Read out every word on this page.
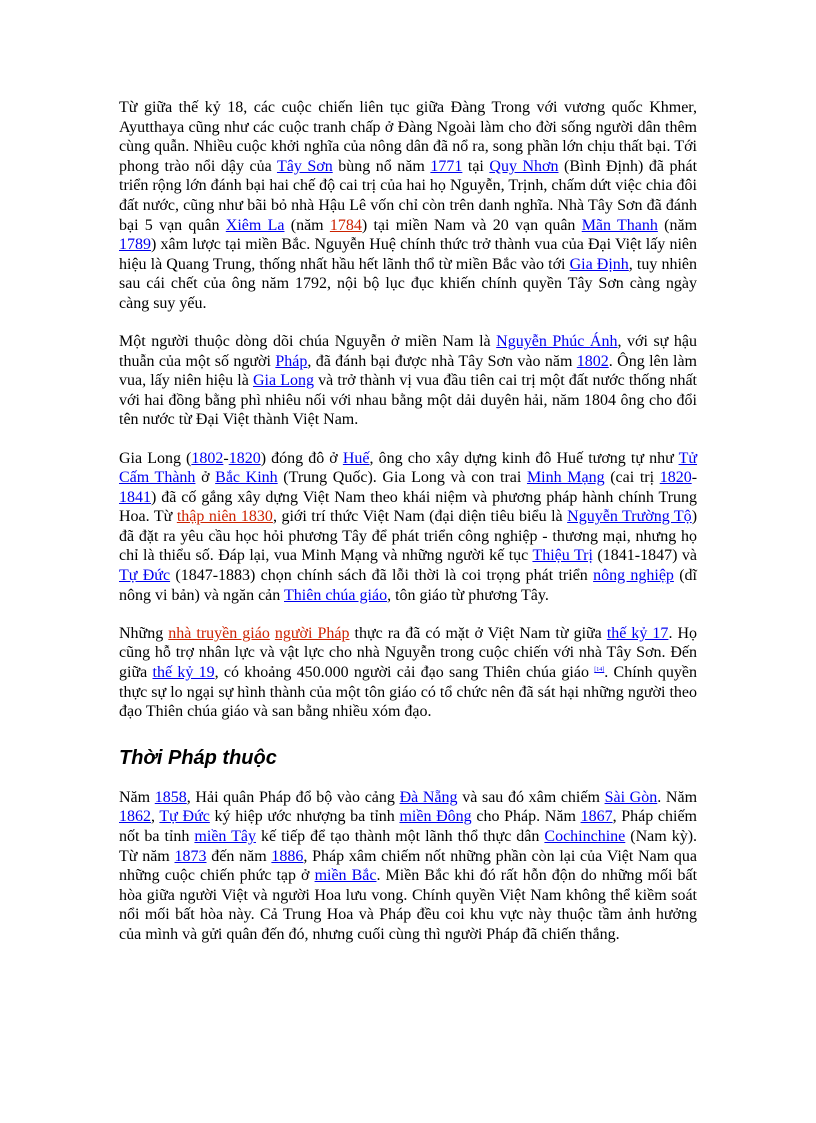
Từ giữa thế kỷ 18, các cuộc chiến liên tục giữa Đàng Trong với vương quốc Khmer, Ayutthaya cũng như các cuộc tranh chấp ở Đàng Ngoài làm cho đời sống người dân thêm cùng quẫn. Nhiều cuộc khởi nghĩa của nông dân đã nổ ra, song phần lớn chịu thất bại. Tới phong trào nổi dậy của Tây Sơn bùng nổ năm 1771 tại Quy Nhơn (Bình Định) đã phát triển rộng lớn đánh bại hai chế độ cai trị của hai họ Nguyễn, Trịnh, chấm dứt việc chia đôi đất nước, cũng như bãi bỏ nhà Hậu Lê vốn chỉ còn trên danh nghĩa. Nhà Tây Sơn đã đánh bại 5 vạn quân Xiêm La (năm 1784) tại miền Nam và 20 vạn quân Mãn Thanh (năm 1789) xâm lược tại miền Bắc. Nguyễn Huệ chính thức trở thành vua của Đại Việt lấy niên hiệu là Quang Trung, thống nhất hầu hết lãnh thổ từ miền Bắc vào tới Gia Định, tuy nhiên sau cái chết của ông năm 1792, nội bộ lục đục khiến chính quyền Tây Sơn càng ngày càng suy yếu.

Một người thuộc dòng dõi chúa Nguyễn ở miền Nam là Nguyễn Phúc Ánh, với sự hậu thuẫn của một số người Pháp, đã đánh bại được nhà Tây Sơn vào năm 1802. Ông lên làm vua, lấy niên hiệu là Gia Long và trở thành vị vua đầu tiên cai trị một đất nước thống nhất với hai đồng bằng phì nhiêu nối với nhau bằng một dải duyên hải, năm 1804 ông cho đổi tên nước từ Đại Việt thành Việt Nam.

Gia Long (1802-1820) đóng đô ở Huế, ông cho xây dựng kinh đô Huế tương tự như Tử Cấm Thành ở Bắc Kinh (Trung Quốc). Gia Long và con trai Minh Mạng (cai trị 1820-1841) đã cố gắng xây dựng Việt Nam theo khái niệm và phương pháp hành chính Trung Hoa. Từ thập niên 1830, giới trí thức Việt Nam (đại diện tiêu biểu là Nguyễn Trường Tộ) đã đặt ra yêu cầu học hỏi phương Tây để phát triển công nghiệp - thương mại, nhưng họ chỉ là thiểu số. Đáp lại, vua Minh Mạng và những người kế tục Thiệu Trị (1841-1847) và Tự Đức (1847-1883) chọn chính sách đã lỗi thời là coi trọng phát triển nông nghiệp (dĩ nông vi bản) và ngăn cản Thiên chúa giáo, tôn giáo từ phương Tây.

Những nhà truyền giáo người Pháp thực ra đã có mặt ở Việt Nam từ giữa thế kỷ 17. Họ cũng hỗ trợ nhân lực và vật lực cho nhà Nguyễn trong cuộc chiến với nhà Tây Sơn. Đến giữa thế kỷ 19, có khoảng 450.000 người cải đạo sang Thiên chúa giáo [14]. Chính quyền thực sự lo ngại sự hình thành của một tôn giáo có tổ chức nên đã sát hại những người theo đạo Thiên chúa giáo và san bằng nhiều xóm đạo.

Thời Pháp thuộc

Năm 1858, Hải quân Pháp đổ bộ vào cảng Đà Nẵng và sau đó xâm chiếm Sài Gòn. Năm 1862, Tự Đức ký hiệp ước nhượng ba tỉnh miền Đông cho Pháp. Năm 1867, Pháp chiếm nốt ba tỉnh miền Tây kế tiếp để tạo thành một lãnh thổ thực dân Cochinchine (Nam kỳ). Từ năm 1873 đến năm 1886, Pháp xâm chiếm nốt những phần còn lại của Việt Nam qua những cuộc chiến phức tạp ở miền Bắc. Miền Bắc khi đó rất hỗn độn do những mối bất hòa giữa người Việt và người Hoa lưu vong. Chính quyền Việt Nam không thể kiềm soát nổi mối bất hòa này. Cả Trung Hoa và Pháp đều coi khu vực này thuộc tầm ảnh hưởng của mình và gửi quân đến đó, nhưng cuối cùng thì người Pháp đã chiến thắng.
